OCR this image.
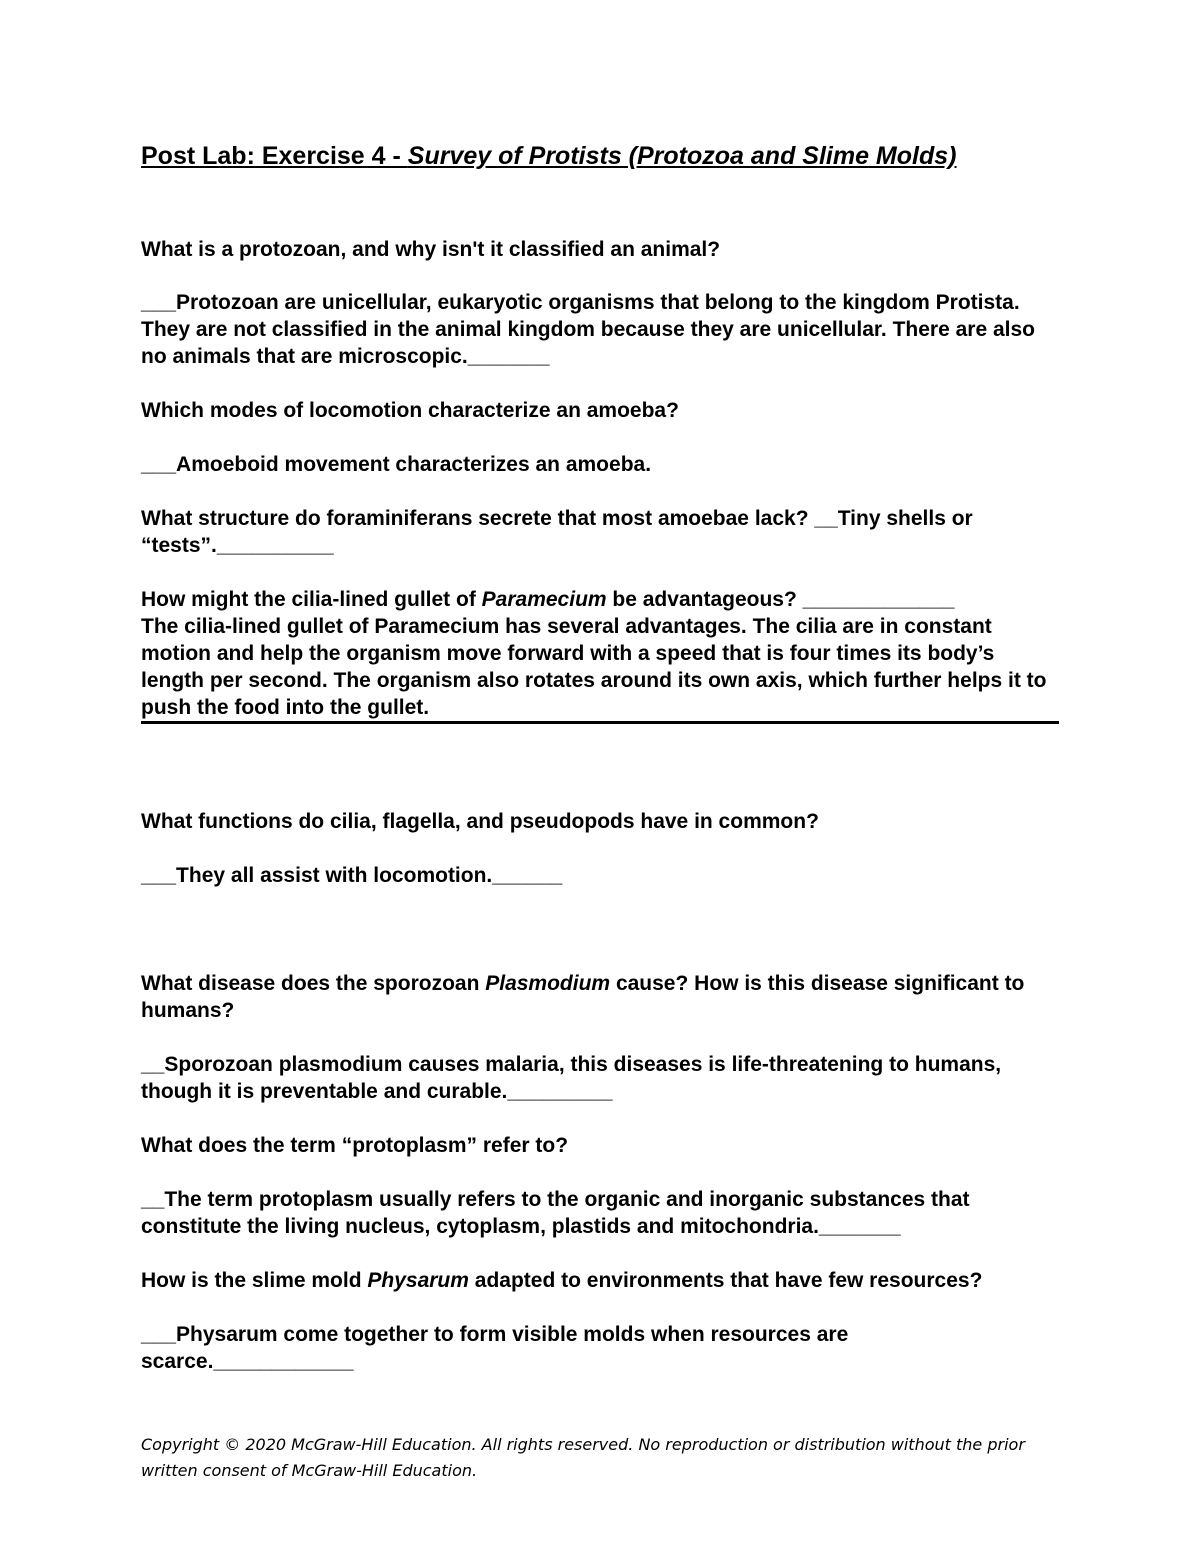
Post Lab: Exercise 4 - Survey of Protists (Protozoa and Slime Molds)

What is a protozoan, and why isn't it classified an animal?

___Protozoan are unicellular, eukaryotic organisms that belong to the kingdom Protista. They are not classified in the animal kingdom because they are unicellular. There are also no animals that are microscopic._______

Which modes of locomotion characterize an amoeba?

___Amoeboid movement characterizes an amoeba.

What structure do foraminiferans secrete that most amoebae lack? __Tiny shells or “tests”.__________

How might the cilia-lined gullet of Paramecium be advantageous? _____________

The cilia-lined gullet of Paramecium has several advantages. The cilia are in constant motion and help the organism move forward with a speed that is four times its body’s length per second. The organism also rotates around its own axis, which further helps it to push the food into the gullet.

What functions do cilia, flagella, and pseudopods have in common?

___They all assist with locomotion.______

What disease does the sporozoan Plasmodium cause? How is this disease significant to humans?

__Sporozoan plasmodium causes malaria, this diseases is life-threatening to humans, though it is preventable and curable._________

What does the term “protoplasm” refer to?

__The term protoplasm usually refers to the organic and inorganic substances that constitute the living nucleus, cytoplasm, plastids and mitochondria._______

How is the slime mold Physarum adapted to environments that have few resources?

___Physarum come together to form visible molds when resources are scarce.____________

Copyright © 2020 McGraw-Hill Education. All rights reserved. No reproduction or distribution without the prior written consent of McGraw-Hill Education.
